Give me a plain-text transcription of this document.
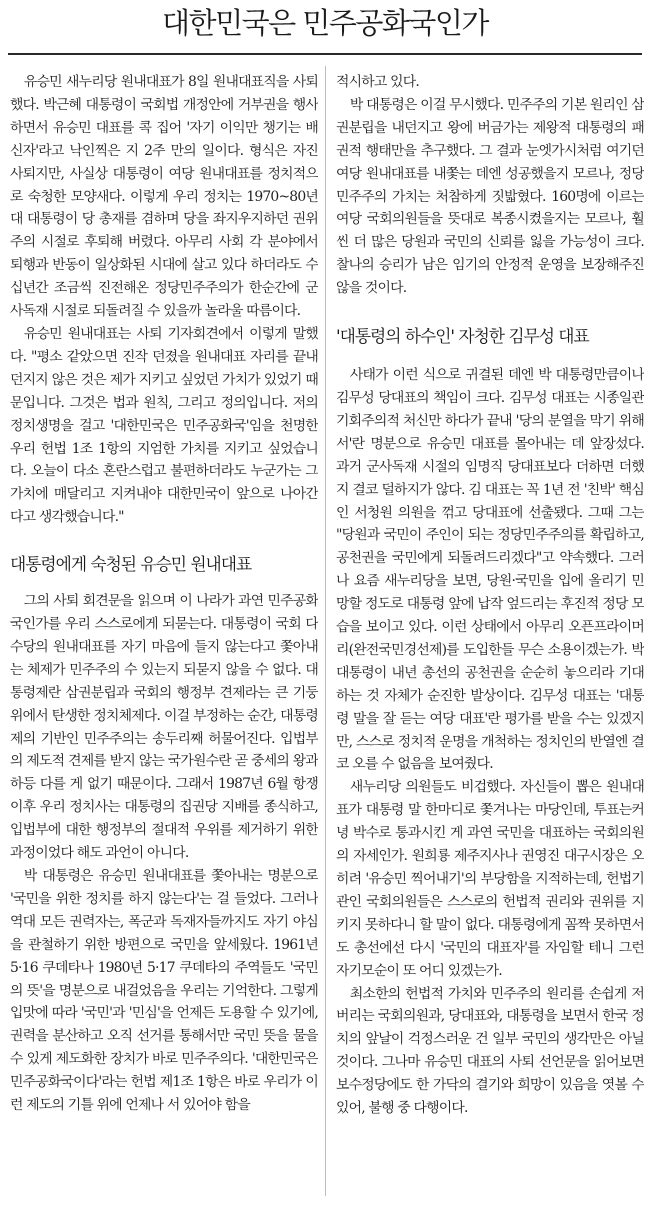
대한민국은 민주공화국인가

유승민 새누리당 원내대표가 8일 원내대표직을 사퇴했다. 박근혜 대통령이 국회법 개정안에 거부권을 행사하면서 유승민 대표를 콕 집어 '자기 이익만 챙기는 배신자'라고 낙인찍은 지 2주 만의 일이다. 형식은 자진 사퇴지만, 사실상 대통령이 여당 원내대표를 정치적으로 숙청한 모양새다. 이렇게 우리 정치는 1970~80년대 대통령이 당 총재를 겸하며 당을 좌지우지하던 권위주의 시절로 후퇴해 버렸다. 아무리 사회 각 분야에서 퇴행과 반동이 일상화된 시대에 살고 있다 하더라도 수십년간 조금씩 진전해온 정당민주주의가 한순간에 군사독재 시절로 되돌려질 수 있을까 놀라울 따름이다.

유승민 원내대표는 사퇴 기자회견에서 이렇게 말했다. "평소 같았으면 진작 던졌을 원내대표 자리를 끝내 던지지 않은 것은 제가 지키고 싶었던 가치가 있었기 때문입니다. 그것은 법과 원칙, 그리고 정의입니다. 저의 정치생명을 걸고 '대한민국은 민주공화국'임을 천명한 우리 헌법 1조 1항의 지엄한 가치를 지키고 싶었습니다. 오늘이 다소 혼란스럽고 불편하더라도 누군가는 그 가치에 매달리고 지켜내야 대한민국이 앞으로 나아간다고 생각했습니다."

대통령에게 숙청된 유승민 원내대표

그의 사퇴 회견문을 읽으며 이 나라가 과연 민주공화국인가를 우리 스스로에게 되묻는다. 대통령이 국회 다수당의 원내대표를 자기 마음에 들지 않는다고 쫓아내는 체제가 민주주의 수 있는지 되묻지 않을 수 없다. 대통령제란 삼권분립과 국회의 행정부 견제라는 큰 기둥 위에서 탄생한 정치체제다. 이걸 부정하는 순간, 대통령제의 기반인 민주주의는 송두리째 허물어진다. 입법부의 제도적 견제를 받지 않는 국가원수란 곧 중세의 왕과 하등 다를 게 없기 때문이다. 그래서 1987년 6월 항쟁 이후 우리 정치사는 대통령의 집권당 지배를 종식하고, 입법부에 대한 행정부의 절대적 우위를 제거하기 위한 과정이었다 해도 과언이 아니다.

박 대통령은 유승민 원내대표를 쫓아내는 명분으로 '국민을 위한 정치를 하지 않는다'는 걸 들었다. 그러나 역대 모든 권력자는, 폭군과 독재자들까지도 자기 야심을 관철하기 위한 방편으로 국민을 앞세웠다. 1961년 5·16 쿠데타나 1980년 5·17 쿠데타의 주역들도 '국민의 뜻'을 명분으로 내걸었음을 우리는 기억한다. 그렇게 입맛에 따라 '국민'과 '민심'을 언제든 도용할 수 있기에, 권력을 분산하고 오직 선거를 통해서만 국민 뜻을 물을 수 있게 제도화한 장치가 바로 민주주의다. '대한민국은 민주공화국이다'라는 헌법 제1조 1항은 바로 우리가 이런 제도의 기틀 위에 언제나 서 있어야 함을

적시하고 있다.

박 대통령은 이걸 무시했다. 민주주의 기본 원리인 삼권분립을 내던지고 왕에 버금가는 제왕적 대통령의 패권적 행태만을 추구했다. 그 결과 눈엣가시처럼 여기던 여당 원내대표를 내쫓는 데엔 성공했을지 모르나, 정당민주주의 가치는 처참하게 짓밟혔다. 160명에 이르는 여당 국회의원들을 뜻대로 복종시켰을지는 모르나, 훨씬 더 많은 당원과 국민의 신뢰를 잃을 가능성이 크다. 찰나의 승리가 남은 임기의 안정적 운영을 보장해주진 않을 것이다.

'대통령의 하수인' 자청한 김무성 대표

사태가 이런 식으로 귀결된 데엔 박 대통령만큼이나 김무성 당대표의 책임이 크다. 김무성 대표는 시종일관 기회주의적 처신만 하다가 끝내 '당의 분열을 막기 위해서'란 명분으로 유승민 대표를 몰아내는 데 앞장섰다. 과거 군사독재 시절의 임명직 당대표보다 더하면 더했지 결코 덜하지가 않다. 김 대표는 꼭 1년 전 '친박' 핵심인 서청원 의원을 꺾고 당대표에 선출됐다. 그때 그는 "당원과 국민이 주인이 되는 정당민주주의를 확립하고, 공천권을 국민에게 되돌려드리겠다"고 약속했다. 그러나 요즘 새누리당을 보면, 당원·국민을 입에 올리기 민망할 정도로 대통령 앞에 납작 엎드리는 후진적 정당 모습을 보이고 있다. 이런 상태에서 아무리 오픈프라이머리(완전국민경선제)를 도입한들 무슨 소용이겠는가. 박 대통령이 내년 총선의 공천권을 순순히 놓으리라 기대하는 것 자체가 순진한 발상이다. 김무성 대표는 '대통령 말을 잘 듣는 여당 대표'란 평가를 받을 수는 있겠지만, 스스로 정치적 운명을 개척하는 정치인의 반열엔 결코 오를 수 없음을 보여줬다.

새누리당 의원들도 비겁했다. 자신들이 뽑은 원내대표가 대통령 말 한마디로 쫓겨나는 마당인데, 투표는커녕 박수로 통과시킨 게 과연 국민을 대표하는 국회의원의 자세인가. 원희룡 제주지사나 권영진 대구시장은 오히려 '유승민 찍어내기'의 부당함을 지적하는데, 헌법기관인 국회의원들은 스스로의 헌법적 권리와 권위를 지키지 못하다니 할 말이 없다. 대통령에게 꼼짝 못하면서도 총선에선 다시 '국민의 대표자'를 자임할 테니 그런 자기모순이 또 어디 있겠는가.

최소한의 헌법적 가치와 민주주의 원리를 손쉽게 저버리는 국회의원과, 당대표와, 대통령을 보면서 한국 정치의 앞날이 걱정스러운 건 일부 국민의 생각만은 아닐 것이다. 그나마 유승민 대표의 사퇴 선언문을 읽어보면 보수정당에도 한 가닥의 결기와 희망이 있음을 엿볼 수 있어, 불행 중 다행이다.
